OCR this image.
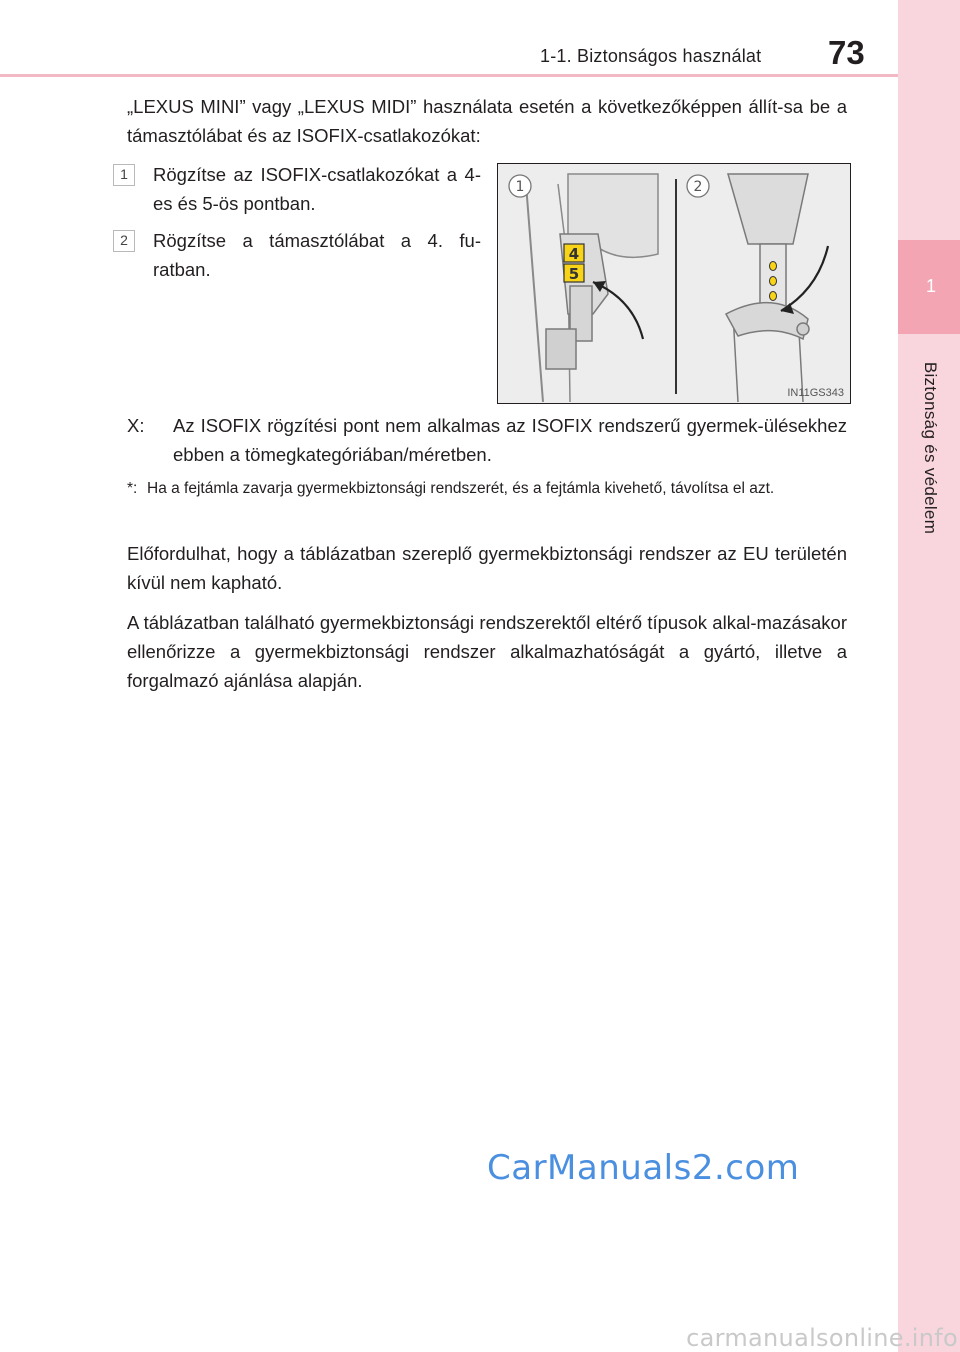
1-1. Biztonságos használat 73
1
Biztonság és védelem
„LEXUS MINI” vagy „LEXUS MIDI” használata esetén a következőképpen állít-sa be a támasztólábat és az ISOFIX-csatlakozókat:
1	Rögzítse az ISOFIX-csatlakozókat a 4-es és 5-ös pontban.
2	Rögzítse a támasztólábat a 4. fu-ratban.
4
5
1	2
IN11GS343
X: Az ISOFIX rögzítési pont nem alkalmas az ISOFIX rendszerű gyermek-ülésekhez ebben a tömegkategóriában/méretben.
*: Ha a fejtámla zavarja gyermekbiztonsági rendszerét, és a fejtámla kivehető, távolítsa el azt.
Előfordulhat, hogy a táblázatban szereplő gyermekbiztonsági rendszer az EU területén kívül nem kapható.
A táblázatban található gyermekbiztonsági rendszerektől eltérő típusok alkal-mazásakor ellenőrizze a gyermekbiztonsági rendszer alkalmazhatóságát a gyártó, illetve a forgalmazó ajánlása alapján.
CarManuals2.com
carmanualsonline.info
